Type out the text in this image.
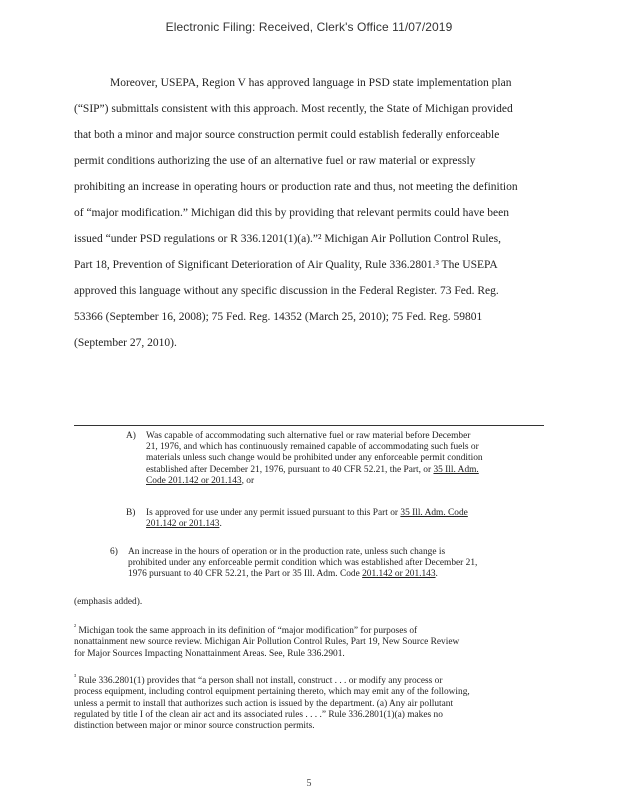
Electronic Filing: Received, Clerk's Office 11/07/2019
Moreover, USEPA, Region V has approved language in PSD state implementation plan
(“SIP”) submittals consistent with this approach. Most recently, the State of Michigan provided
that both a minor and major source construction permit could establish federally enforceable
permit conditions authorizing the use of an alternative fuel or raw material or expressly
prohibiting an increase in operating hours or production rate and thus, not meeting the definition
of “major modification.” Michigan did this by providing that relevant permits could have been
issued “under PSD regulations or R 336.1201(1)(a).”² Michigan Air Pollution Control Rules,
Part 18, Prevention of Significant Deterioration of Air Quality, Rule 336.2801.³ The USEPA
approved this language without any specific discussion in the Federal Register. 73 Fed. Reg.
53366 (September 16, 2008); 75 Fed. Reg. 14352 (March 25, 2010); 75 Fed. Reg. 59801
(September 27, 2010).
A) Was capable of accommodating such alternative fuel or raw material before December
21, 1976, and which has continuously remained capable of accommodating such fuels or
materials unless such change would be prohibited under any enforceable permit condition
established after December 21, 1976, pursuant to 40 CFR 52.21, the Part, or 35 Ill. Adm.
Code 201.142 or 201.143, or
B) Is approved for use under any permit issued pursuant to this Part or 35 Ill. Adm. Code
201.142 or 201.143.
6) An increase in the hours of operation or in the production rate, unless such change is
prohibited under any enforceable permit condition which was established after December 21,
1976 pursuant to 40 CFR 52.21, the Part or 35 Ill. Adm. Code 201.142 or 201.143.
(emphasis added).
$^{^2}$ Michigan took the same approach in its definition of “major modification” for purposes of
nonattainment new source review. Michigan Air Pollution Control Rules, Part 19, New Source Review
for Major Sources Impacting Nonattainment Areas. See, Rule 336.2901.
$^{^3}$ Rule 336.2801(1) provides that “a person shall not install, construct . . . or modify any process or
process equipment, including control equipment pertaining thereto, which may emit any of the following,
unless a permit to install that authorizes such action is issued by the department. (a) Any air pollutant
regulated by title I of the clean air act and its associated rules . . . .” Rule 336.2801(1)(a) makes no
distinction between major or minor source construction permits.
5
